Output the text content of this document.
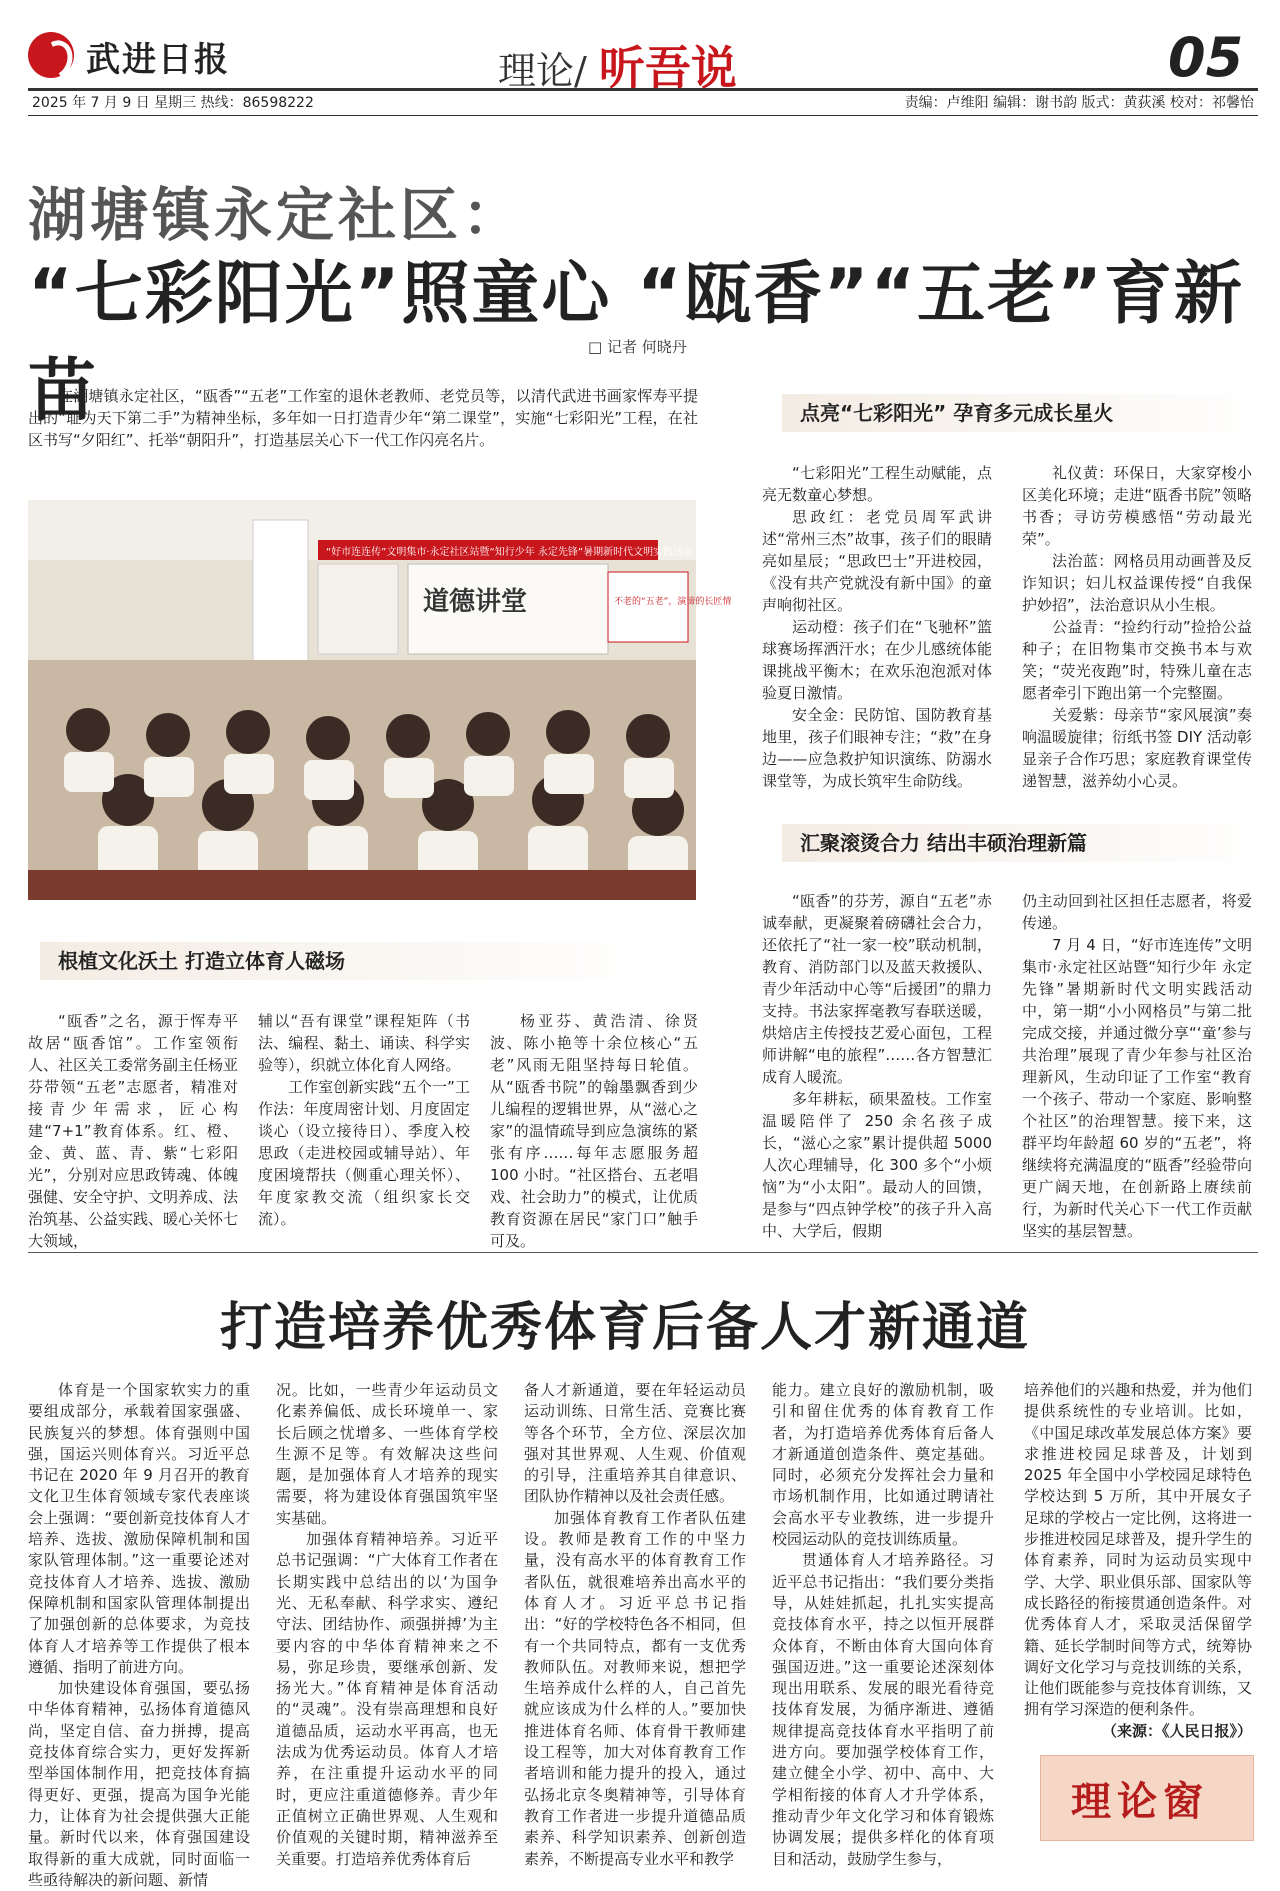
武进日报	理论/ 听吾说	05
2025 年 7 月 9 日 星期三 热线：86598222	责编：卢维阳 编辑：谢书韵 版式：黄荻溪 校对：祁馨怡
湖塘镇永定社区：
“七彩阳光”照童心 “瓯香”“五老”育新苗
□ 记者 何晓丹
在湖塘镇永定社区，“瓯香”“五老”工作室的退休老教师、老党员等，以清代武进书画家恽寿平提出的“耻为天下第二手”为精神坐标，多年如一日打造青少年“第二课堂”，实施“七彩阳光”工程，在社区书写“夕阳红”、托举“朝阳升”，打造基层关心下一代工作闪亮名片。
“好市连连传”文明集市·永定社区站暨“知行少年 永定先锋”暑期新时代文明实践活动
道德讲堂	不老的“五老”，演谛的长匠情
根植文化沃土 打造立体育人磁场

“瓯香”之名，源于恽寿平故居“瓯香馆”。工作室领衔人、社区关工委常务副主任杨亚芬带领“五老”志愿者，精准对接青少年需求，匠心构建“7+1”教育体系。红、橙、金、黄、蓝、青、紫“七彩阳光”，分别对应思政铸魂、体魄强健、安全守护、文明养成、法治筑基、公益实践、暖心关怀七大领域，

辅以“吾有课堂”课程矩阵（书法、编程、黏土、诵读、科学实验等），织就立体化育人网络。

工作室创新实践“五个一”工作法：年度周密计划、月度固定谈心（设立接待日）、季度入校思政（走进校园或辅导站）、年度困境帮扶（侧重心理关怀）、年度家教交流（组织家长交流）。

杨亚芬、黄浩清、徐贤波、陈小艳等十余位核心“五老”风雨无阻坚持每日轮值。从“瓯香书院”的翰墨飘香到少儿编程的逻辑世界，从“滋心之家”的温情疏导到应急演练的紧张有序……每年志愿服务超 100 小时。“社区搭台、五老唱戏、社会助力”的模式，让优质教育资源在居民“家门口”触手可及。

点亮“七彩阳光” 孕育多元成长星火

“七彩阳光”工程生动赋能，点亮无数童心梦想。

思政红：老党员周军武讲述“常州三杰”故事，孩子们的眼睛亮如星辰；“思政巴士”开进校园，《没有共产党就没有新中国》的童声响彻社区。

运动橙：孩子们在“飞驰杯”篮球赛场挥洒汗水；在少儿感统体能课挑战平衡木；在欢乐泡泡派对体验夏日激情。

安全金：民防馆、国防教育基地里，孩子们眼神专注；“救”在身边——应急救护知识演练、防溺水课堂等，为成长筑牢生命防线。

礼仪黄：环保日，大家穿梭小区美化环境；走进“瓯香书院”领略书香；寻访劳模感悟“劳动最光荣”。

法治蓝：网格员用动画普及反诈知识；妇儿权益课传授“自我保护妙招”，法治意识从小生根。

公益青：“捡约行动”捡拾公益种子；在旧物集市交换书本与欢笑；“荧光夜跑”时，特殊儿童在志愿者牵引下跑出第一个完整圈。

关爱紫：母亲节“家风展演”奏响温暖旋律；衍纸书签 DIY 活动彰显亲子合作巧思；家庭教育课堂传递智慧，滋养幼小心灵。

汇聚滚烫合力 结出丰硕治理新篇

“瓯香”的芬芳，源自“五老”赤诚奉献，更凝聚着磅礴社会合力，还依托了“社一家一校”联动机制，教育、消防部门以及蓝天救援队、青少年活动中心等“后援团”的鼎力支持。书法家挥毫教写春联送暖，烘焙店主传授技艺爱心面包，工程师讲解“电的旅程”……各方智慧汇成育人暖流。

多年耕耘，硕果盈枝。工作室温暖陪伴了 250 余名孩子成长，“滋心之家”累计提供超 5000 人次心理辅导，化 300 多个“小烦恼”为“小太阳”。最动人的回馈，是参与“四点钟学校”的孩子升入高中、大学后，假期

仍主动回到社区担任志愿者，将爱传递。

7 月 4 日，“好市连连传”文明集市·永定社区站暨“知行少年 永定先锋”暑期新时代文明实践活动中，第一期“小小网格员”与第二批完成交接，并通过微分享“‘童’参与 共治理”展现了青少年参与社区治理新风，生动印证了工作室“教育一个孩子、带动一个家庭、影响整个社区”的治理智慧。接下来，这群平均年龄超 60 岁的“五老”，将继续将充满温度的“瓯香”经验带向更广阔天地，在创新路上赓续前行，为新时代关心下一代工作贡献坚实的基层智慧。

打造培养优秀体育后备人才新通道

体育是一个国家软实力的重要组成部分，承载着国家强盛、民族复兴的梦想。体育强则中国强，国运兴则体育兴。习近平总书记在 2020 年 9 月召开的教育文化卫生体育领域专家代表座谈会上强调：“要创新竞技体育人才培养、选拔、激励保障机制和国家队管理体制。”这一重要论述对竞技体育人才培养、选拔、激励保障机制和国家队管理体制提出了加强创新的总体要求，为竞技体育人才培养等工作提供了根本遵循、指明了前进方向。

加快建设体育强国，要弘扬中华体育精神，弘扬体育道德风尚，坚定自信、奋力拼搏，提高竞技体育综合实力，更好发挥新型举国体制作用，把竞技体育搞得更好、更强，提高为国争光能力，让体育为社会提供强大正能量。新时代以来，体育强国建设取得新的重大成就，同时面临一些亟待解决的新问题、新情

况。比如，一些青少年运动员文化素养偏低、成长环境单一、家长后顾之忧增多、一些体育学校生源不足等。有效解决这些问题，是加强体育人才培养的现实需要，将为建设体育强国筑牢坚实基础。

加强体育精神培养。习近平总书记强调：“广大体育工作者在长期实践中总结出的以‘为国争光、无私奉献、科学求实、遵纪守法、团结协作、顽强拼搏’为主要内容的中华体育精神来之不易，弥足珍贵，要继承创新、发扬光大。”体育精神是体育活动的“灵魂”。没有崇高理想和良好道德品质，运动水平再高，也无法成为优秀运动员。体育人才培养，在注重提升运动水平的同时，更应注重道德修养。青少年正值树立正确世界观、人生观和价值观的关键时期，精神滋养至关重要。打造培养优秀体育后

备人才新通道，要在年轻运动员运动训练、日常生活、竞赛比赛等各个环节，全方位、深层次加强对其世界观、人生观、价值观的引导，注重培养其自律意识、团队协作精神以及社会责任感。

加强体育教育工作者队伍建设。教师是教育工作的中坚力量，没有高水平的体育教育工作者队伍，就很难培养出高水平的体育人才。习近平总书记指出：“好的学校特色各不相同，但有一个共同特点，都有一支优秀教师队伍。对教师来说，想把学生培养成什么样的人，自己首先就应该成为什么样的人。”要加快推进体育名师、体育骨干教师建设工程等，加大对体育教育工作者培训和能力提升的投入，通过弘扬北京冬奥精神等，引导体育教育工作者进一步提升道德品质素养、科学知识素养、创新创造素养，不断提高专业水平和教学

能力。建立良好的激励机制，吸引和留住优秀的体育教育工作者，为打造培养优秀体育后备人才新通道创造条件、奠定基础。同时，必须充分发挥社会力量和市场机制作用，比如通过聘请社会高水平专业教练，进一步提升校园运动队的竞技训练质量。

贯通体育人才培养路径。习近平总书记指出：“我们要分类指导，从娃娃抓起，扎扎实实提高竞技体育水平，持之以恒开展群众体育，不断由体育大国向体育强国迈进。”这一重要论述深刻体现出用联系、发展的眼光看待竞技体育发展，为循序渐进、遵循规律提高竞技体育水平指明了前进方向。要加强学校体育工作，建立健全小学、初中、高中、大学相衔接的体育人才升学体系，推动青少年文化学习和体育锻炼协调发展；提供多样化的体育项目和活动，鼓励学生参与，

培养他们的兴趣和热爱，并为他们提供系统性的专业培训。比如，《中国足球改革发展总体方案》要求推进校园足球普及，计划到 2025 年全国中小学校园足球特色学校达到 5 万所，其中开展女子足球的学校占一定比例，这将进一步推进校园足球普及，提升学生的体育素养，同时为运动员实现中学、大学、职业俱乐部、国家队等成长路径的衔接贯通创造条件。对优秀体育人才，采取灵活保留学籍、延长学制时间等方式，统筹协调好文化学习与竞技训练的关系，让他们既能参与竞技体育训练，又拥有学习深造的便利条件。

（来源：《人民日报》）

理论窗
